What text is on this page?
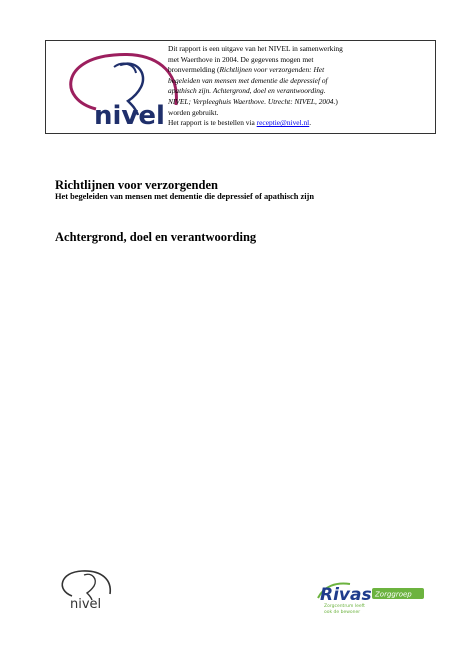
nivel

Dit rapport is een uitgave van het NIVEL in samenwerking

met Waerthove in 2004. De gegevens mogen met

bronvermelding (Richtlijnen voor verzorgenden: Het

begeleiden van mensen met dementie die depressief of

apathisch zijn. Achtergrond, doel en verantwoording.

NIVEL; Verpleeghuis Waerthove. Utrecht: NIVEL, 2004.)

worden gebruikt.

Het rapport is te bestellen via receptie@nivel.nl.

Richtlijnen voor verzorgenden
Het begeleiden van mensen met dementie die depressief of apathisch zijn
Achtergrond, doel en verantwoording
nivel	Rivas Zorggroep
Zorgcentrum leeft
ook de bewoner
